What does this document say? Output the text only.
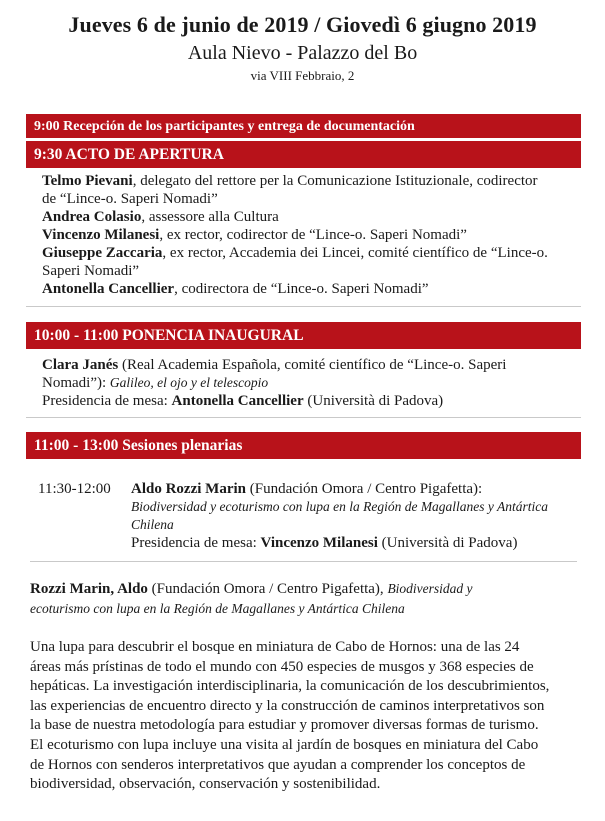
Jueves 6 de junio de 2019 / Giovedì 6 giugno 2019
Aula Nievo - Palazzo del Bo
via VIII Febbraio, 2
9:00 Recepción de los participantes y entrega de documentación
9:30 ACTO DE APERTURA
Telmo Pievani, delegato del rettore per la Comunicazione Istituzionale, codirector
de “Lince-o. Saperi Nomadi”
Andrea Colasio, assessore alla Cultura
Vincenzo Milanesi, ex rector, codirector de “Lince-o. Saperi Nomadi”
Giuseppe Zaccaria, ex rector, Accademia dei Lincei, comité científico de “Lince-o.
Saperi Nomadi”
Antonella Cancellier, codirectora de “Lince-o. Saperi Nomadi”
10:00 - 11:00 PONENCIA INAUGURAL
Clara Janés (Real Academia Española, comité científico de “Lince-o. Saperi
Nomadi”): Galileo, el ojo y el telescopio
Presidencia de mesa: Antonella Cancellier (Università di Padova)
11:00 - 13:00 Sesiones plenarias
11:30-12:00 Aldo Rozzi Marin (Fundación Omora / Centro Pigafetta):
Biodiversidad y ecoturismo con lupa en la Región de Magallanes y Antártica
Chilena
Presidencia de mesa: Vincenzo Milanesi (Università di Padova)
Rozzi Marin, Aldo (Fundación Omora / Centro Pigafetta), Biodiversidad y
ecoturismo con lupa en la Región de Magallanes y Antártica Chilena
Una lupa para descubrir el bosque en miniatura de Cabo de Hornos: una de las 24
áreas más prístinas de todo el mundo con 450 especies de musgos y 368 especies de
hepáticas. La investigación interdisciplinaria, la comunicación de los descubrimientos,
las experiencias de encuentro directo y la construcción de caminos interpretativos son
la base de nuestra metodología para estudiar y promover diversas formas de turismo.
El ecoturismo con lupa incluye una visita al jardín de bosques en miniatura del Cabo
de Hornos con senderos interpretativos que ayudan a comprender los conceptos de
biodiversidad, observación, conservación y sostenibilidad.
